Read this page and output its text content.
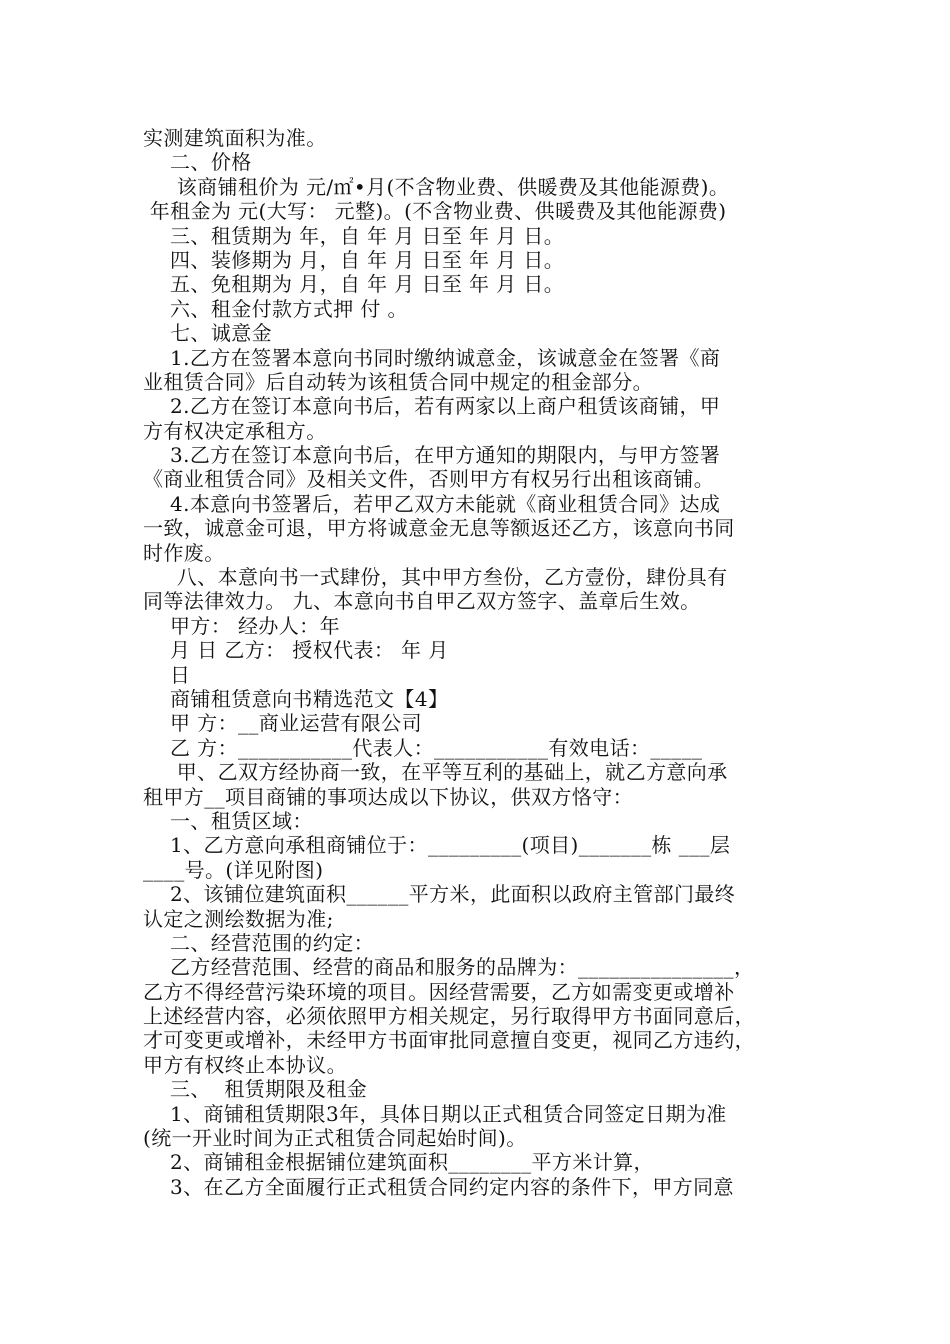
实测建筑面积为准。
二、价格
该商铺租价为 元/㎡•月(不含物业费、供暖费及其他能源费)。
年租金为 元(大写： 元整)。(不含物业费、供暖费及其他能源费)
三、租赁期为 年，自 年 月 日至 年 月 日。
四、装修期为 月，自 年 月 日至 年 月 日。
五、免租期为 月，自 年 月 日至 年 月 日。
六、租金付款方式押 付 。
七、诚意金
1.乙方在签署本意向书同时缴纳诚意金，该诚意金在签署《商
业租赁合同》后自动转为该租赁合同中规定的租金部分。
2.乙方在签订本意向书后，若有两家以上商户租赁该商铺，甲
方有权决定承租方。
3.乙方在签订本意向书后，在甲方通知的期限内，与甲方签署
《商业租赁合同》及相关文件，否则甲方有权另行出租该商铺。
4.本意向书签署后，若甲乙双方未能就《商业租赁合同》达成
一致，诚意金可退，甲方将诚意金无息等额返还乙方，该意向书同
时作废。
八、本意向书一式肆份，其中甲方叁份，乙方壹份，肆份具有
同等法律效力。 九、本意向书自甲乙双方签字、盖章后生效。
甲方： 经办人：年
月 日 乙方： 授权代表： 年 月
日
商铺租赁意向书精选范文【4】
甲 方：__商业运营有限公司
乙 方：___________代表人：___________有效电话：_____
甲、乙双方经协商一致，在平等互利的基础上，就乙方意向承
租甲方__项目商铺的事项达成以下协议，供双方恪守：
一、租赁区域：
1、乙方意向承租商铺位于：_________(项目)_______栋 ___层
____号。(详见附图)
2、该铺位建筑面积______平方米，此面积以政府主管部门最终
认定之测绘数据为准;
二、经营范围的约定：
乙方经营范围、经营的商品和服务的品牌为：_______________，
乙方不得经营污染环境的项目。因经营需要，乙方如需变更或增补
上述经营内容，必须依照甲方相关规定，另行取得甲方书面同意后，
才可变更或增补，未经甲方书面审批同意擅自变更，视同乙方违约，
甲方有权终止本协议。
三、  租赁期限及租金
1、商铺租赁期限3年，具体日期以正式租赁合同签定日期为准
(统一开业时间为正式租赁合同起始时间)。
2、商铺租金根据铺位建筑面积________平方米计算，
3、在乙方全面履行正式租赁合同约定内容的条件下，甲方同意
